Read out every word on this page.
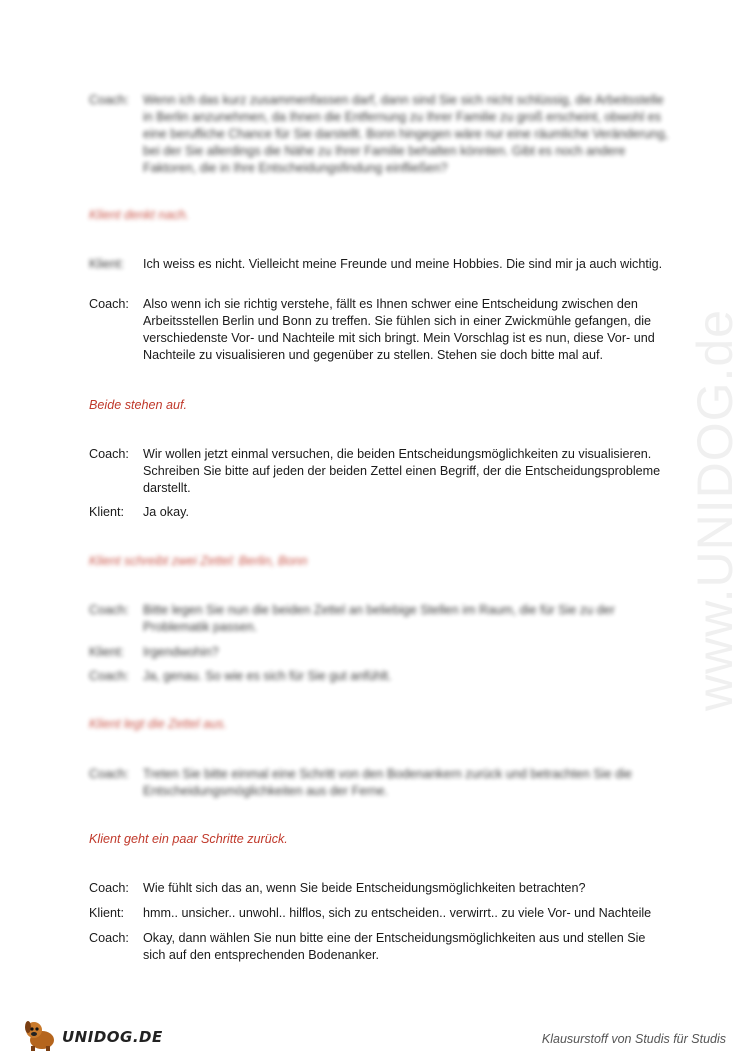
www.UNIDOG.de
Coach:	Wenn ich das kurz zusammenfassen darf, dann sind Sie sich nicht schlüssig, die Arbeitsstelle in Berlin anzunehmen, da Ihnen die Entfernung zu Ihrer Familie zu groß erscheint, obwohl es eine berufliche Chance für Sie darstellt. Bonn hingegen wäre nur eine räumliche Veränderung, bei der Sie allerdings die Nähe zu Ihrer Familie behalten könnten. Gibt es noch andere Faktoren, die in Ihre Entscheidungsfindung einfließen?
Klient denkt nach.
Klient:	Ich weiss es nicht. Vielleicht meine Freunde und meine Hobbies. Die sind mir ja auch wichtig.
Coach:	Also wenn ich sie richtig verstehe, fällt es Ihnen schwer eine Entscheidung zwischen den Arbeitsstellen Berlin und Bonn zu treffen. Sie fühlen sich in einer Zwickmühle gefangen, die verschiedenste Vor- und Nachteile mit sich bringt. Mein Vorschlag ist es nun, diese Vor- und Nachteile zu visualisieren und gegenüber zu stellen. Stehen sie doch bitte mal auf.
Beide stehen auf.
Coach:	Wir wollen jetzt einmal versuchen, die beiden Entscheidungsmöglichkeiten zu visualisieren. Schreiben Sie bitte auf jeden der beiden Zettel einen Begriff, der die Entscheidungsprobleme darstellt.
Klient:	Ja okay.
Klient schreibt zwei Zettel: Berlin, Bonn
Coach:	Bitte legen Sie nun die beiden Zettel an beliebige Stellen im Raum, die für Sie zu der Problematik passen.
Klient:	Irgendwohin?
Coach:	Ja, genau. So wie es sich für Sie gut anfühlt.
Klient legt die Zettel aus.
Coach:	Treten Sie bitte einmal eine Schritt von den Bodenankern zurück und betrachten Sie die Entscheidungsmöglichkeiten aus der Ferne.
Klient geht ein paar Schritte zurück.
Coach:	Wie fühlt sich das an, wenn Sie beide Entscheidungsmöglichkeiten betrachten?
Klient:	hmm.. unsicher.. unwohl.. hilflos, sich zu entscheiden.. verwirrt.. zu viele Vor- und Nachteile
Coach:	Okay, dann wählen Sie nun bitte eine der Entscheidungsmöglichkeiten aus und stellen Sie sich auf den entsprechenden Bodenanker.
UNIDOG.DE	Klausurstoff von Studis für Studis
